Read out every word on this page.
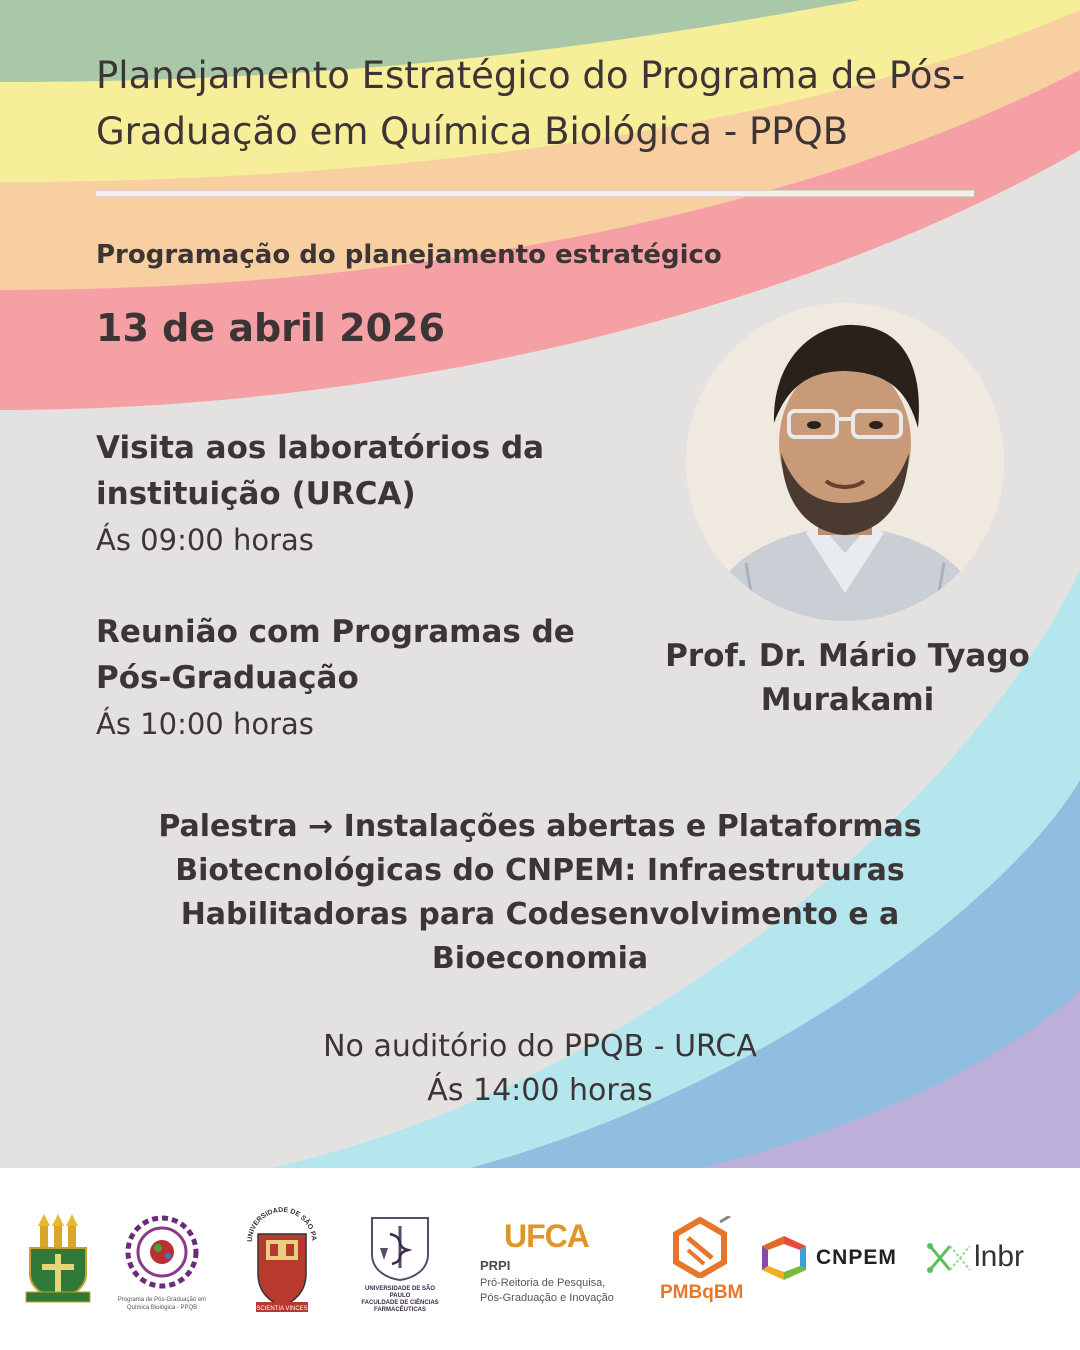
Planejamento Estratégico do Programa de Pós-
Graduação em Química Biológica - PPQB
Programação do planejamento estratégico
13 de abril 2026
Visita aos laboratórios da
instituição (URCA)
Ás 09:00 horas
Reunião com Programas de
Pós-Graduação
Ás 10:00 horas
Prof. Dr. Mário Tyago
Murakami
Palestra → Instalações abertas e Plataformas
Biotecnológicas do CNPEM: Infraestruturas
Habilitadoras para Codesenvolvimento e a
Bioeconomia
No auditório do PPQB - URCA
Ás 14:00 horas
Programa de Pós-Graduação em
Química Biológica - PPQB
UNIVERSIDADE DE SÃO PA
SCIENTIA VINCES
UNIVERSIDADE DE SÃO PAULO
FACULDADE DE CIÊNCIAS
FARMACÊUTICAS
UFCA
PRPI
Pró-Reitoria de Pesquisa,
Pós-Graduação e Inovação PMBqBM
CNPEM	lnbr
